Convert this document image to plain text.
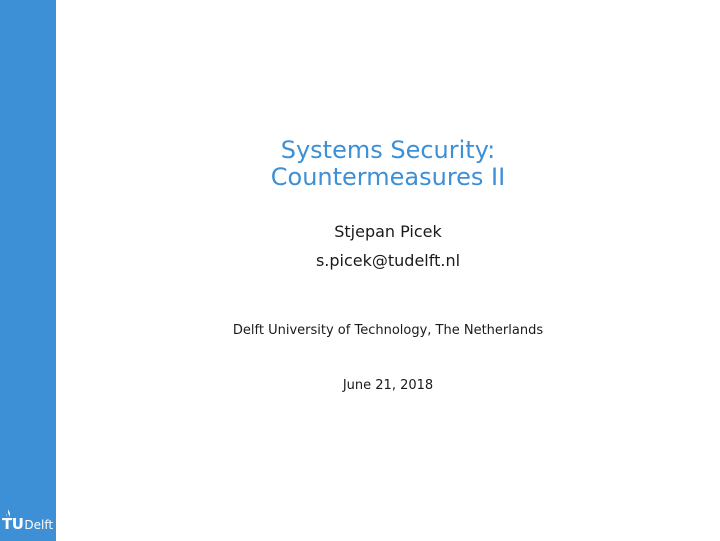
TU Delft
Systems Security:
Countermeasures II
Stjepan Picek
s.picek@tudelft.nl
Delft University of Technology, The Netherlands
June 21, 2018
